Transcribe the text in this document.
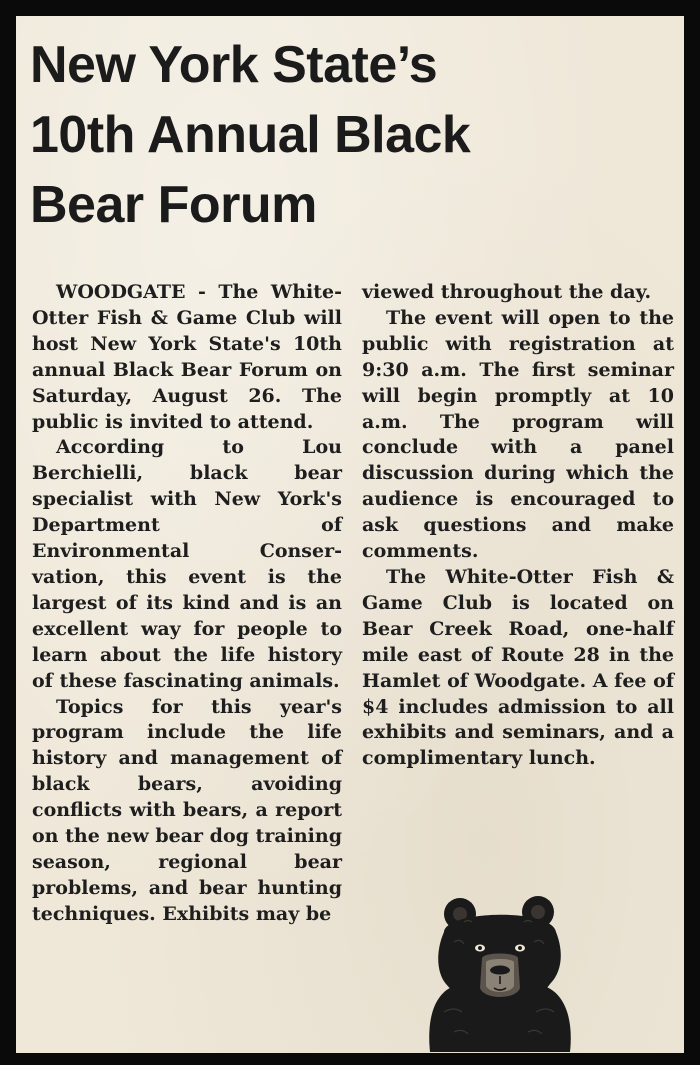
New York State’s
10th Annual Black
Bear Forum

WOODGATE - The White-Otter Fish & Game Club will host New York State's 10th annual Black Bear Forum on Saturday, August 26. The public is invited to attend.

According to Lou Berchielli, black bear specialist with New York's Department of Environmental Conservation, this event is the largest of its kind and is an excellent way for people to learn about the life history of these fascinating animals.

Topics for this year's program include the life history and management of black bears, avoiding conflicts with bears, a report on the new bear dog training season, regional bear problems, and bear hunting techniques. Exhibits may be

viewed throughout the day.

The event will open to the public with registration at 9:30 a.m. The first seminar will begin promptly at 10 a.m. The program will conclude with a panel discussion during which the audience is encouraged to ask questions and make comments.

The White-Otter Fish & Game Club is located on Bear Creek Road, one-half mile east of Route 28 in the Hamlet of Woodgate. A fee of $4 includes admission to all exhibits and seminars, and a complimentary lunch.
